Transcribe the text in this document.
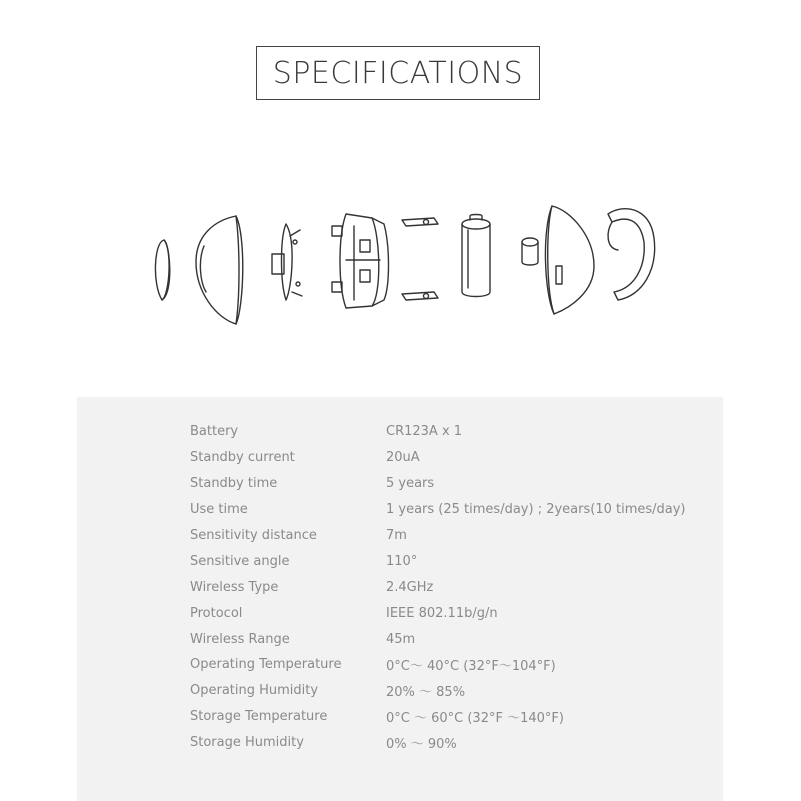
SPECIFICATIONS
Battery	CR123A x 1
Standby current	20uA
Standby time	5 years
Use time	1 years (25 times/day) ; 2years(10 times/day)
Sensitivity distance	7m
Sensitive angle	110°
Wireless Type	2.4GHz
Protocol	IEEE 802.11b/g/n
Wireless Range	45m
Operating Temperature	0°C～ 40°C (32°F～104°F)
Operating Humidity	20% ～ 85%
Storage Temperature	0°C ～ 60°C (32°F ～140°F)
Storage Humidity	0% ～ 90%
